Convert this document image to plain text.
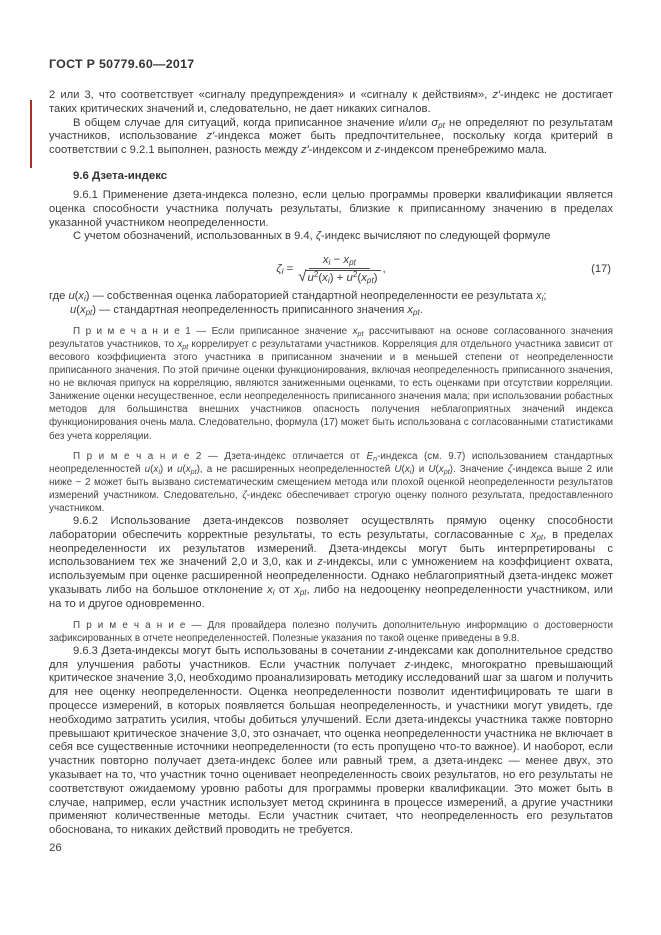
ГОСТ Р 50779.60—2017

2 или 3, что соответствует «сигналу предупреждения» и «сигналу к действиям», z′-индекс не достигает таких критических значений и, следовательно, не дает никаких сигналов.

В общем случае для ситуаций, когда приписанное значение и/или $\sigma_{pt}$ не определяют по результатам участников, использование z′-индекса может быть предпочтительнее, поскольку когда критерий в соответствии с 9.2.1 выполнен, разность между z′-индексом и z-индексом пренебрежимо мала.

9.6 Дзета-индекс

9.6.1 Применение дзета-индекса полезно, если целью программы проверки квалификации является оценка способности участника получать результаты, близкие к приписанному значению в пределах указанной участником неопределенности.

С учетом обозначений, использованных в 9.4, ζ-индекс вычисляют по следующей формуле

$\zeta_i = \frac{x_i - x_{pt}}{√ u^2(x_i) + u^2(x_{pt})}$ ,	(17)

где $u(x_i)$ — собственная оценка лабораторией стандартной неопределенности ее результата $x_i$;

$u(x_{pt})$ — стандартная неопределенность приписанного значения $x_{pt}$.

П р и м е ч а н и е 1 — Если приписанное значение $x_{pt}$ рассчитывают на основе согласованного значения результатов участников, то $x_{pt}$ коррелирует с результатами участников. Корреляция для отдельного участника зависит от весового коэффициента этого участника в приписанном значении и в меньшей степени от неопределенности приписанного значения. По этой причине оценки функционирования, включая неопределенность приписанного значения, но не включая припуск на корреляцию, являются заниженными оценками, то есть оценками при отсутствии корреляции. Занижение оценки несущественное, если неопределенность приписанного значения мала; при использовании робастных методов для большинства внешних участников опасность получения неблагоприятных значений индекса функционирования очень мала. Следовательно, формула (17) может быть использована с согласованными статистиками без учета корреляции.

П р и м е ч а н и е 2 — Дзета-индекс отличается от $E_n$-индекса (см. 9.7) использованием стандартных неопределенностей $u(x_i)$ и $u(x_{pt})$, а не расширенных неопределенностей $U(x_i)$ и $U(x_{pt})$. Значение ζ-индекса выше 2 или ниже − 2 может быть вызвано систематическим смещением метода или плохой оценкой неопределенности результатов измерений участником. Следовательно, ζ-индекс обеспечивает строгую оценку полного результата, предоставленного участником.

9.6.2 Использование дзета-индексов позволяет осуществлять прямую оценку способности лаборатории обеспечить корректные результаты, то есть результаты, согласованные с $x_{pt}$, в пределах неопределенности их результатов измерений. Дзета-индексы могут быть интерпретированы с использованием тех же значений 2,0 и 3,0, как и z-индексы, или с умножением на коэффициент охвата, используемым при оценке расширенной неопределенности. Однако неблагоприятный дзета-индекс может указывать либо на большое отклонение $x_i$ от $x_{pt}$, либо на недооценку неопределенности участником, или на то и другое одновременно.

П р и м е ч а н и е — Для провайдера полезно получить дополнительную информацию о достоверности зафиксированных в отчете неопределенностей. Полезные указания по такой оценке приведены в 9.8.

9.6.3 Дзета-индексы могут быть использованы в сочетании z-индексами как дополнительное средство для улучшения работы участников. Если участник получает z-индекс, многократно превышающий критическое значение 3,0, необходимо проанализировать методику исследований шаг за шагом и получить для нее оценку неопределенности. Оценка неопределенности позволит идентифицировать те шаги в процессе измерений, в которых появляется большая неопределенность, и участники могут увидеть, где необходимо затратить усилия, чтобы добиться улучшений. Если дзета-индексы участника также повторно превышают критическое значение 3,0, это означает, что оценка неопределенности участника не включает в себя все существенные источники неопределенности (то есть пропущено что-то важное). И наоборот, если участник повторно получает дзета-индекс более или равный трем, а дзета-индекс — менее двух, это указывает на то, что участник точно оценивает неопределенность своих результатов, но его результаты не соответствуют ожидаемому уровню работы для программы проверки квалификации. Это может быть в случае, например, если участник использует метод скрининга в процессе измерений, а другие участники применяют количественные методы. Если участник считает, что неопределенность его результатов обоснована, то никаких действий проводить не требуется.

26
